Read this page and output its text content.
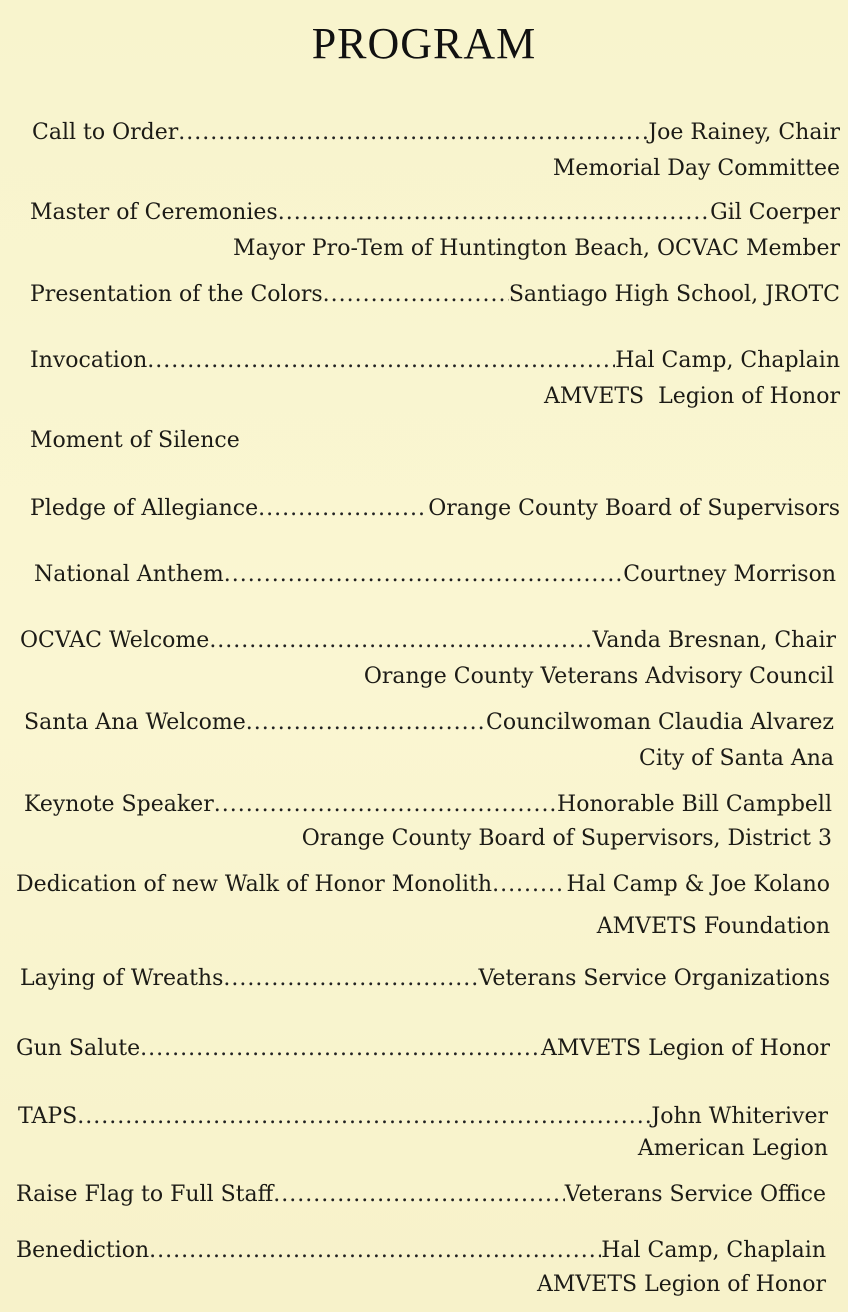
PROGRAM
Call to Order .....	Joe Rainey, Chair
Memorial Day Committee
Master of Ceremonies .....	Gil Coerper
Mayor Pro-Tem of Huntington Beach, OCVAC Member
Presentation of the Colors .....	Santiago High School, JROTC
Invocation .....	Hal Camp, Chaplain
AMVETS  Legion of Honor
Moment of Silence
Pledge of Allegiance .....	Orange County Board of Supervisors
National Anthem .....	Courtney Morrison
OCVAC Welcome .....	Vanda Bresnan, Chair
Orange County Veterans Advisory Council
Santa Ana Welcome .....	Councilwoman Claudia Alvarez
City of Santa Ana
Keynote Speaker .....	Honorable Bill Campbell
Orange County Board of Supervisors, District 3
Dedication of new Walk of Honor Monolith .....	Hal Camp & Joe Kolano
AMVETS Foundation
Laying of Wreaths .....	Veterans Service Organizations
Gun Salute .....	AMVETS Legion of Honor
TAPS .....	John Whiteriver
American Legion
Raise Flag to Full Staff .....	Veterans Service Office
Benediction .....	Hal Camp, Chaplain
AMVETS Legion of Honor
